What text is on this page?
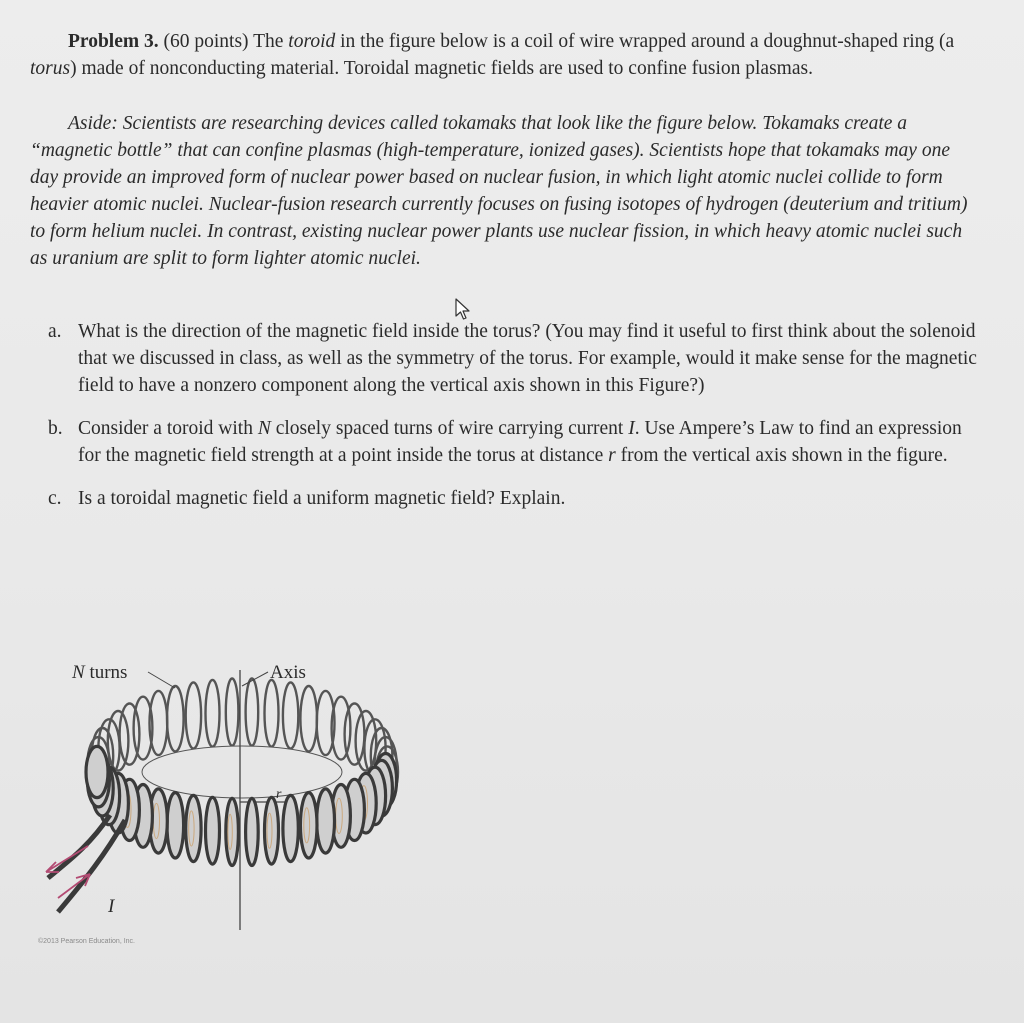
Problem 3. (60 points) The toroid in the figure below is a coil of wire wrapped around a doughnut-shaped ring (a torus) made of nonconducting material. Toroidal magnetic fields are used to confine fusion plasmas.

Aside: Scientists are researching devices called tokamaks that look like the figure below. Tokamaks create a “magnetic bottle” that can confine plasmas (high-temperature, ionized gases). Scientists hope that tokamaks may one day provide an improved form of nuclear power based on nuclear fusion, in which light atomic nuclei collide to form heavier atomic nuclei. Nuclear-fusion research currently focuses on fusing isotopes of hydrogen (deuterium and tritium) to form helium nuclei. In contrast, existing nuclear power plants use nuclear fission, in which heavy atomic nuclei such as uranium are split to form lighter atomic nuclei.

a. What is the direction of the magnetic field inside the torus? (You may find it useful to first think about the solenoid that we discussed in class, as well as the symmetry of the torus. For example, would it make sense for the magnetic field to have a nonzero component along the vertical axis shown in this Figure?)
b. Consider a toroid with N closely spaced turns of wire carrying current I. Use Ampere’s Law to find an expression for the magnetic field strength at a point inside the torus at distance r from the vertical axis shown in the figure.
c. Is a toroidal magnetic field a uniform magnetic field? Explain.
N turns	Axis
r
I
©2013 Pearson Education, Inc.
